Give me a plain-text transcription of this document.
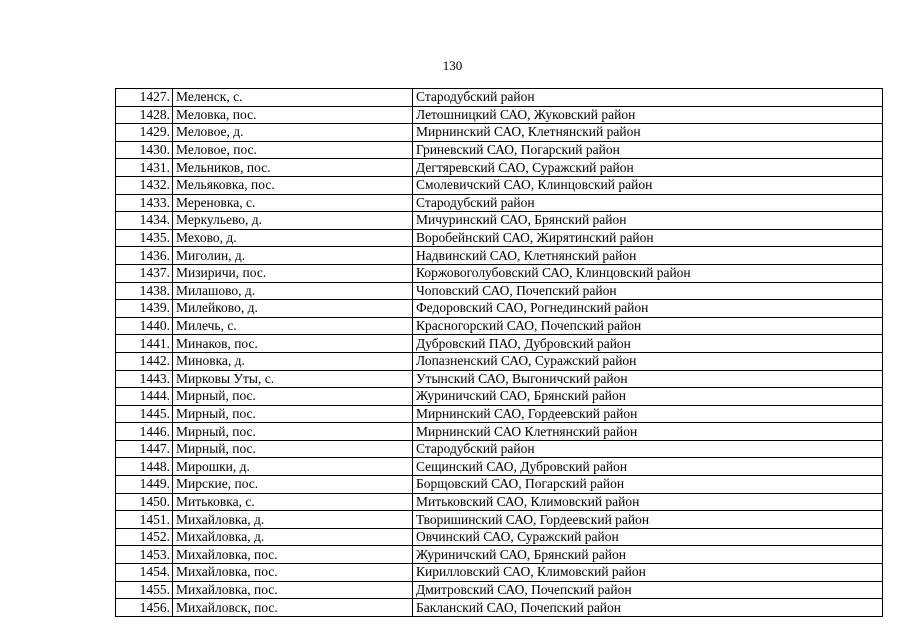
130
1427.	Меленск, с.	Стародубский район
1428.	Меловка, пос.	Летошницкий САО, Жуковский район
1429.	Меловое, д.	Мирнинский САО, Клетнянский район
1430.	Меловое, пос.	Гриневский САО, Погарский район
1431.	Мельников, пос.	Дегтяревский САО, Суражский район
1432.	Мельяковка, пос.	Смолевичский САО, Клинцовский район
1433.	Мереновка, с.	Стародубский район
1434.	Меркульево, д.	Мичуринский САО, Брянский район
1435.	Мехово, д.	Воробейнский САО, Жирятинский район
1436.	Миголин, д.	Надвинский САО, Клетнянский район
1437.	Мизиричи, пос.	Коржовоголубовский САО, Клинцовский район
1438.	Милашово, д.	Чоповский САО, Почепский район
1439.	Милейково, д.	Федоровский САО, Рогнединский район
1440.	Милечь, с.	Красногорский САО, Почепский район
1441.	Минаков, пос.	Дубровский ПАО, Дубровский район
1442.	Миновка, д.	Лопазненский САО, Суражский район
1443.	Мирковы Уты, с.	Утынский САО, Выгоничский район
1444.	Мирный, пос.	Журиничский САО, Брянский район
1445.	Мирный, пос.	Мирнинский САО, Гордеевский район
1446.	Мирный, пос.	Мирнинский САО Клетнянский район
1447.	Мирный, пос.	Стародубский район
1448.	Мирошки, д.	Сещинский САО, Дубровский район
1449.	Мирские, пос.	Борщовский САО, Погарский район
1450.	Митьковка, с.	Митьковский САО, Климовский район
1451.	Михайловка, д.	Творишинский САО, Гордеевский район
1452.	Михайловка, д.	Овчинский САО, Суражский район
1453.	Михайловка, пос.	Журиничский САО, Брянский район
1454.	Михайловка, пос.	Кирилловский САО, Климовский район
1455.	Михайловка, пос.	Дмитровский САО, Почепский район
1456.	Михайловск, пос.	Бакланский САО, Почепский район
